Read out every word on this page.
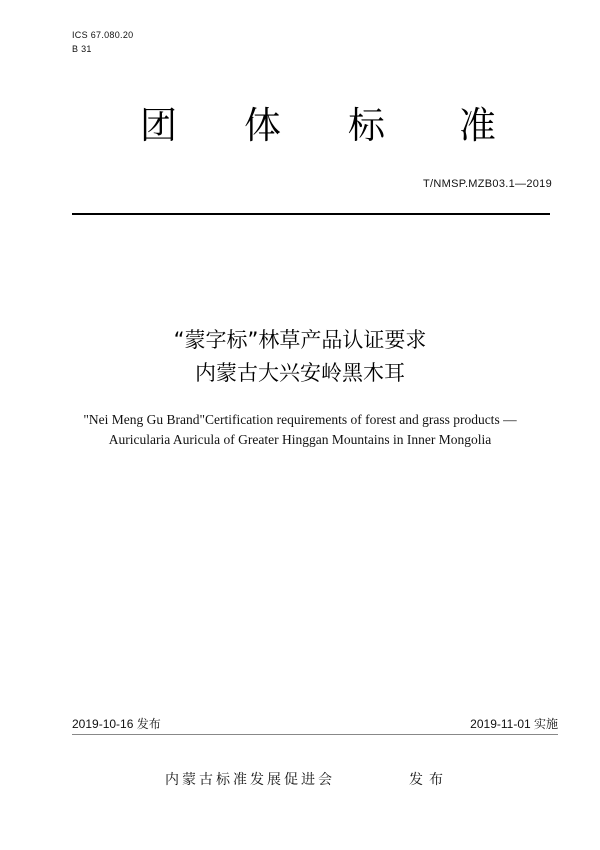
ICS 67.080.20
B 31
团 体 标 准
T/NMSP.MZB03.1—2019
“蒙字标”林草产品认证要求
内蒙古大兴安岭黑木耳
"Nei Meng Gu Brand"Certification requirements of forest and grass products —
Auricularia Auricula of Greater Hinggan Mountains in Inner Mongolia
2019-10-16 发布	2019-11-01 实施
内蒙古标准发展促进会	发布
